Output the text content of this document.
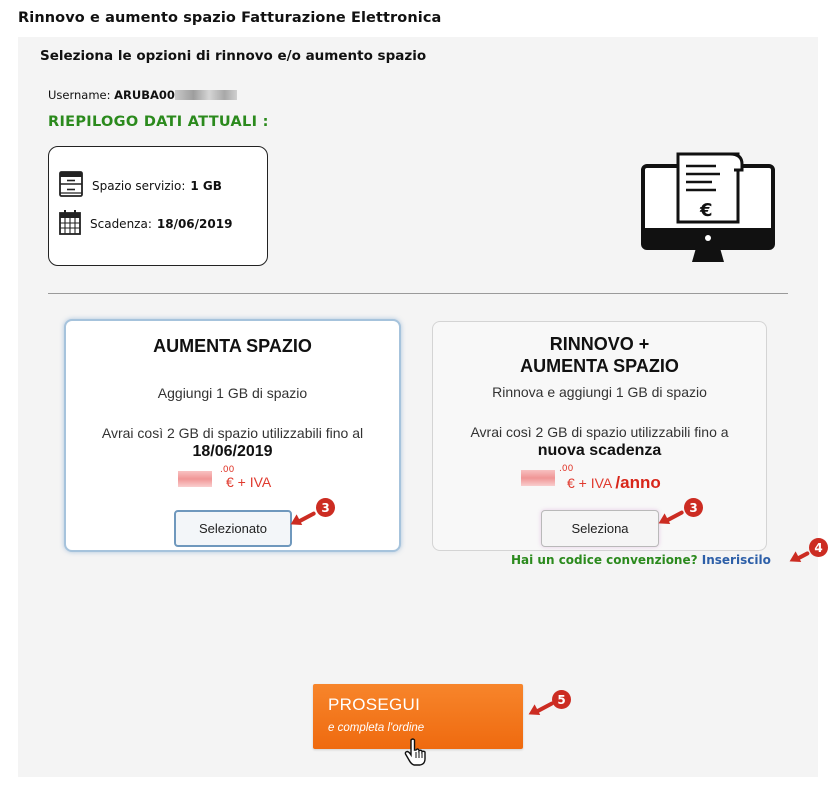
Rinnovo e aumento spazio Fatturazione Elettronica
Seleziona le opzioni di rinnovo e/o aumento spazio
Username: ARUBA00
RIEPILOGO DATI ATTUALI :
Spazio servizio: 1 GB
Scadenza: 18/06/2019
€
AUMENTA SPAZIO
Aggiungi 1 GB di spazio
Avrai così 2 GB di spazio utilizzabili fino al
18/06/2019
.00
€ + IVA
Selezionato
RINNOVO +
AUMENTA SPAZIO
Rinnova e aggiungi 1 GB di spazio
Avrai così 2 GB di spazio utilizzabili fino a
nuova scadenza
.00
€ + IVA /anno
Seleziona
3	3
Hai un codice convenzione? Inseriscilo
4
PROSEGUI
e completa l'ordine
5
